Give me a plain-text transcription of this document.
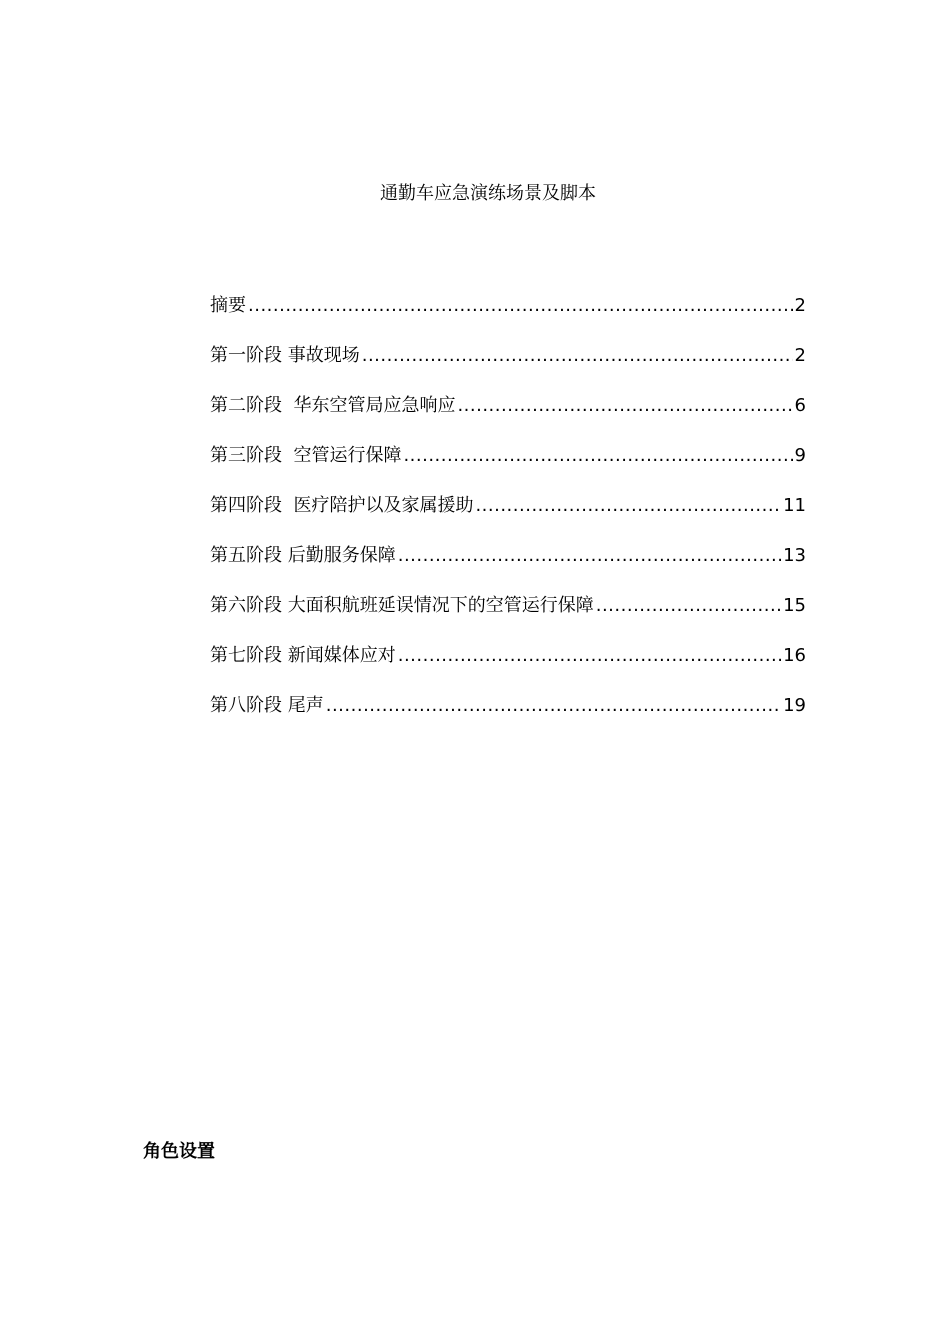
通勤车应急演练场景及脚本
摘要 .....	2
第一阶段 事故现场 .....	2
第二阶段  华东空管局应急响应 .....	6
第三阶段  空管运行保障 .....	9
第四阶段  医疗陪护以及家属援助 .....	11
第五阶段 后勤服务保障 .....	13
第六阶段 大面积航班延误情况下的空管运行保障 .....	15
第七阶段 新闻媒体应对 .....	16
第八阶段 尾声 .....	19
角色设置
